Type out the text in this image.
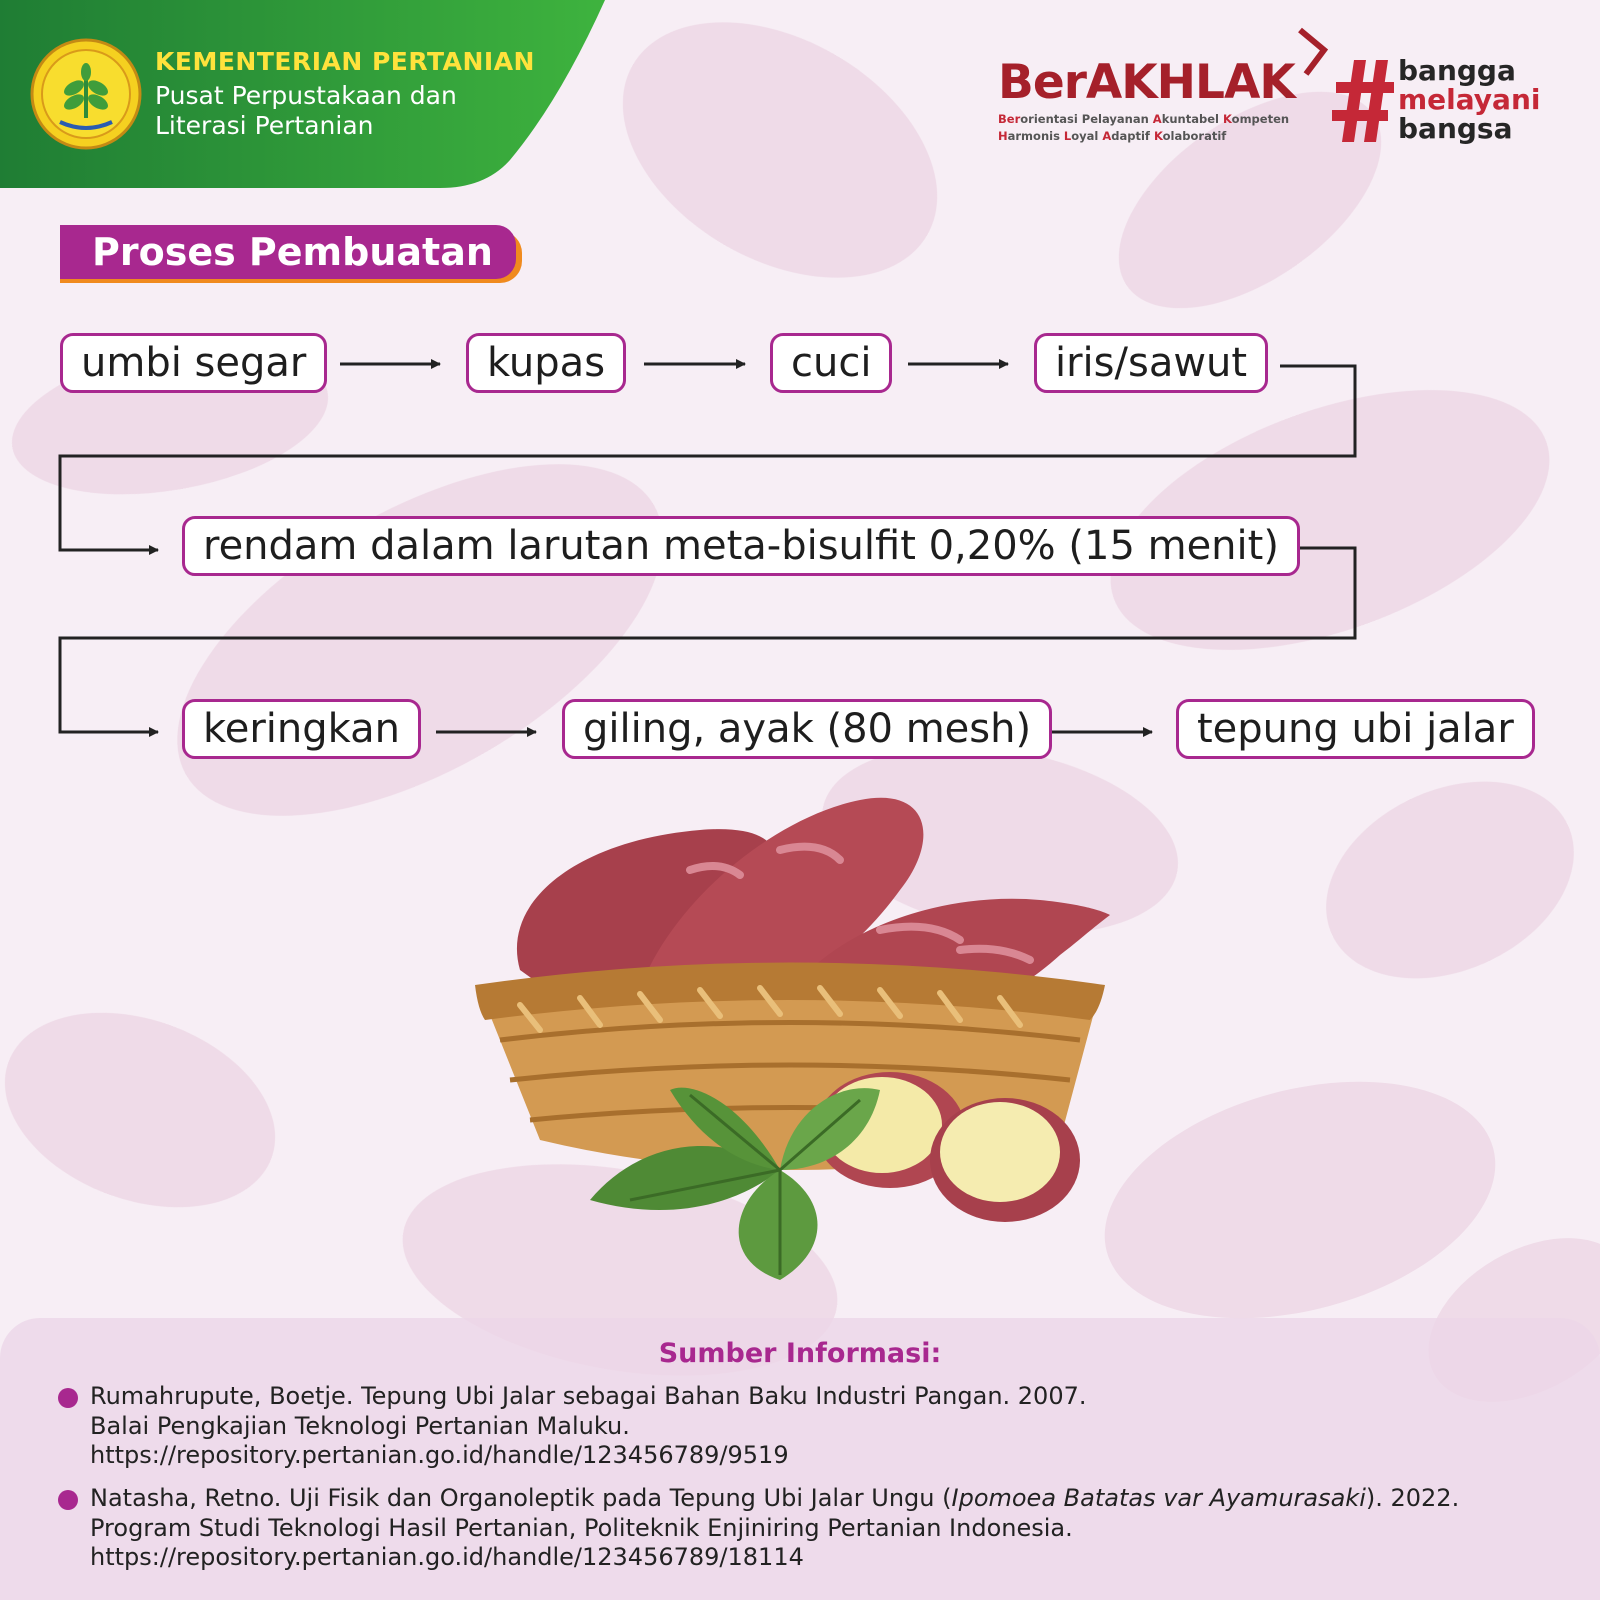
KEMENTERIAN PERTANIAN
Pusat Perpustakaan dan
Literasi Pertanian
BerAKHLAK
Berorientasi Pelayanan Akuntabel Kompeten
Harmonis Loyal Adaptif Kolaboratif
bangga
melayani
bangsa
Proses Pembuatan
umbi segar	kupas	cuci	iris/sawut
rendam dalam larutan meta-bisulfit 0,20% (15 menit)
keringkan	giling, ayak (80 mesh)	tepung ubi jalar
Sumber Informasi:
Rumahrupute, Boetje. Tepung Ubi Jalar sebagai Bahan Baku Industri Pangan. 2007.
Balai Pengkajian Teknologi Pertanian Maluku.
https://repository.pertanian.go.id/handle/123456789/9519
Natasha, Retno. Uji Fisik dan Organoleptik pada Tepung Ubi Jalar Ungu (Ipomoea Batatas var Ayamurasaki). 2022.
Program Studi Teknologi Hasil Pertanian, Politeknik Enjiniring Pertanian Indonesia.
https://repository.pertanian.go.id/handle/123456789/18114
